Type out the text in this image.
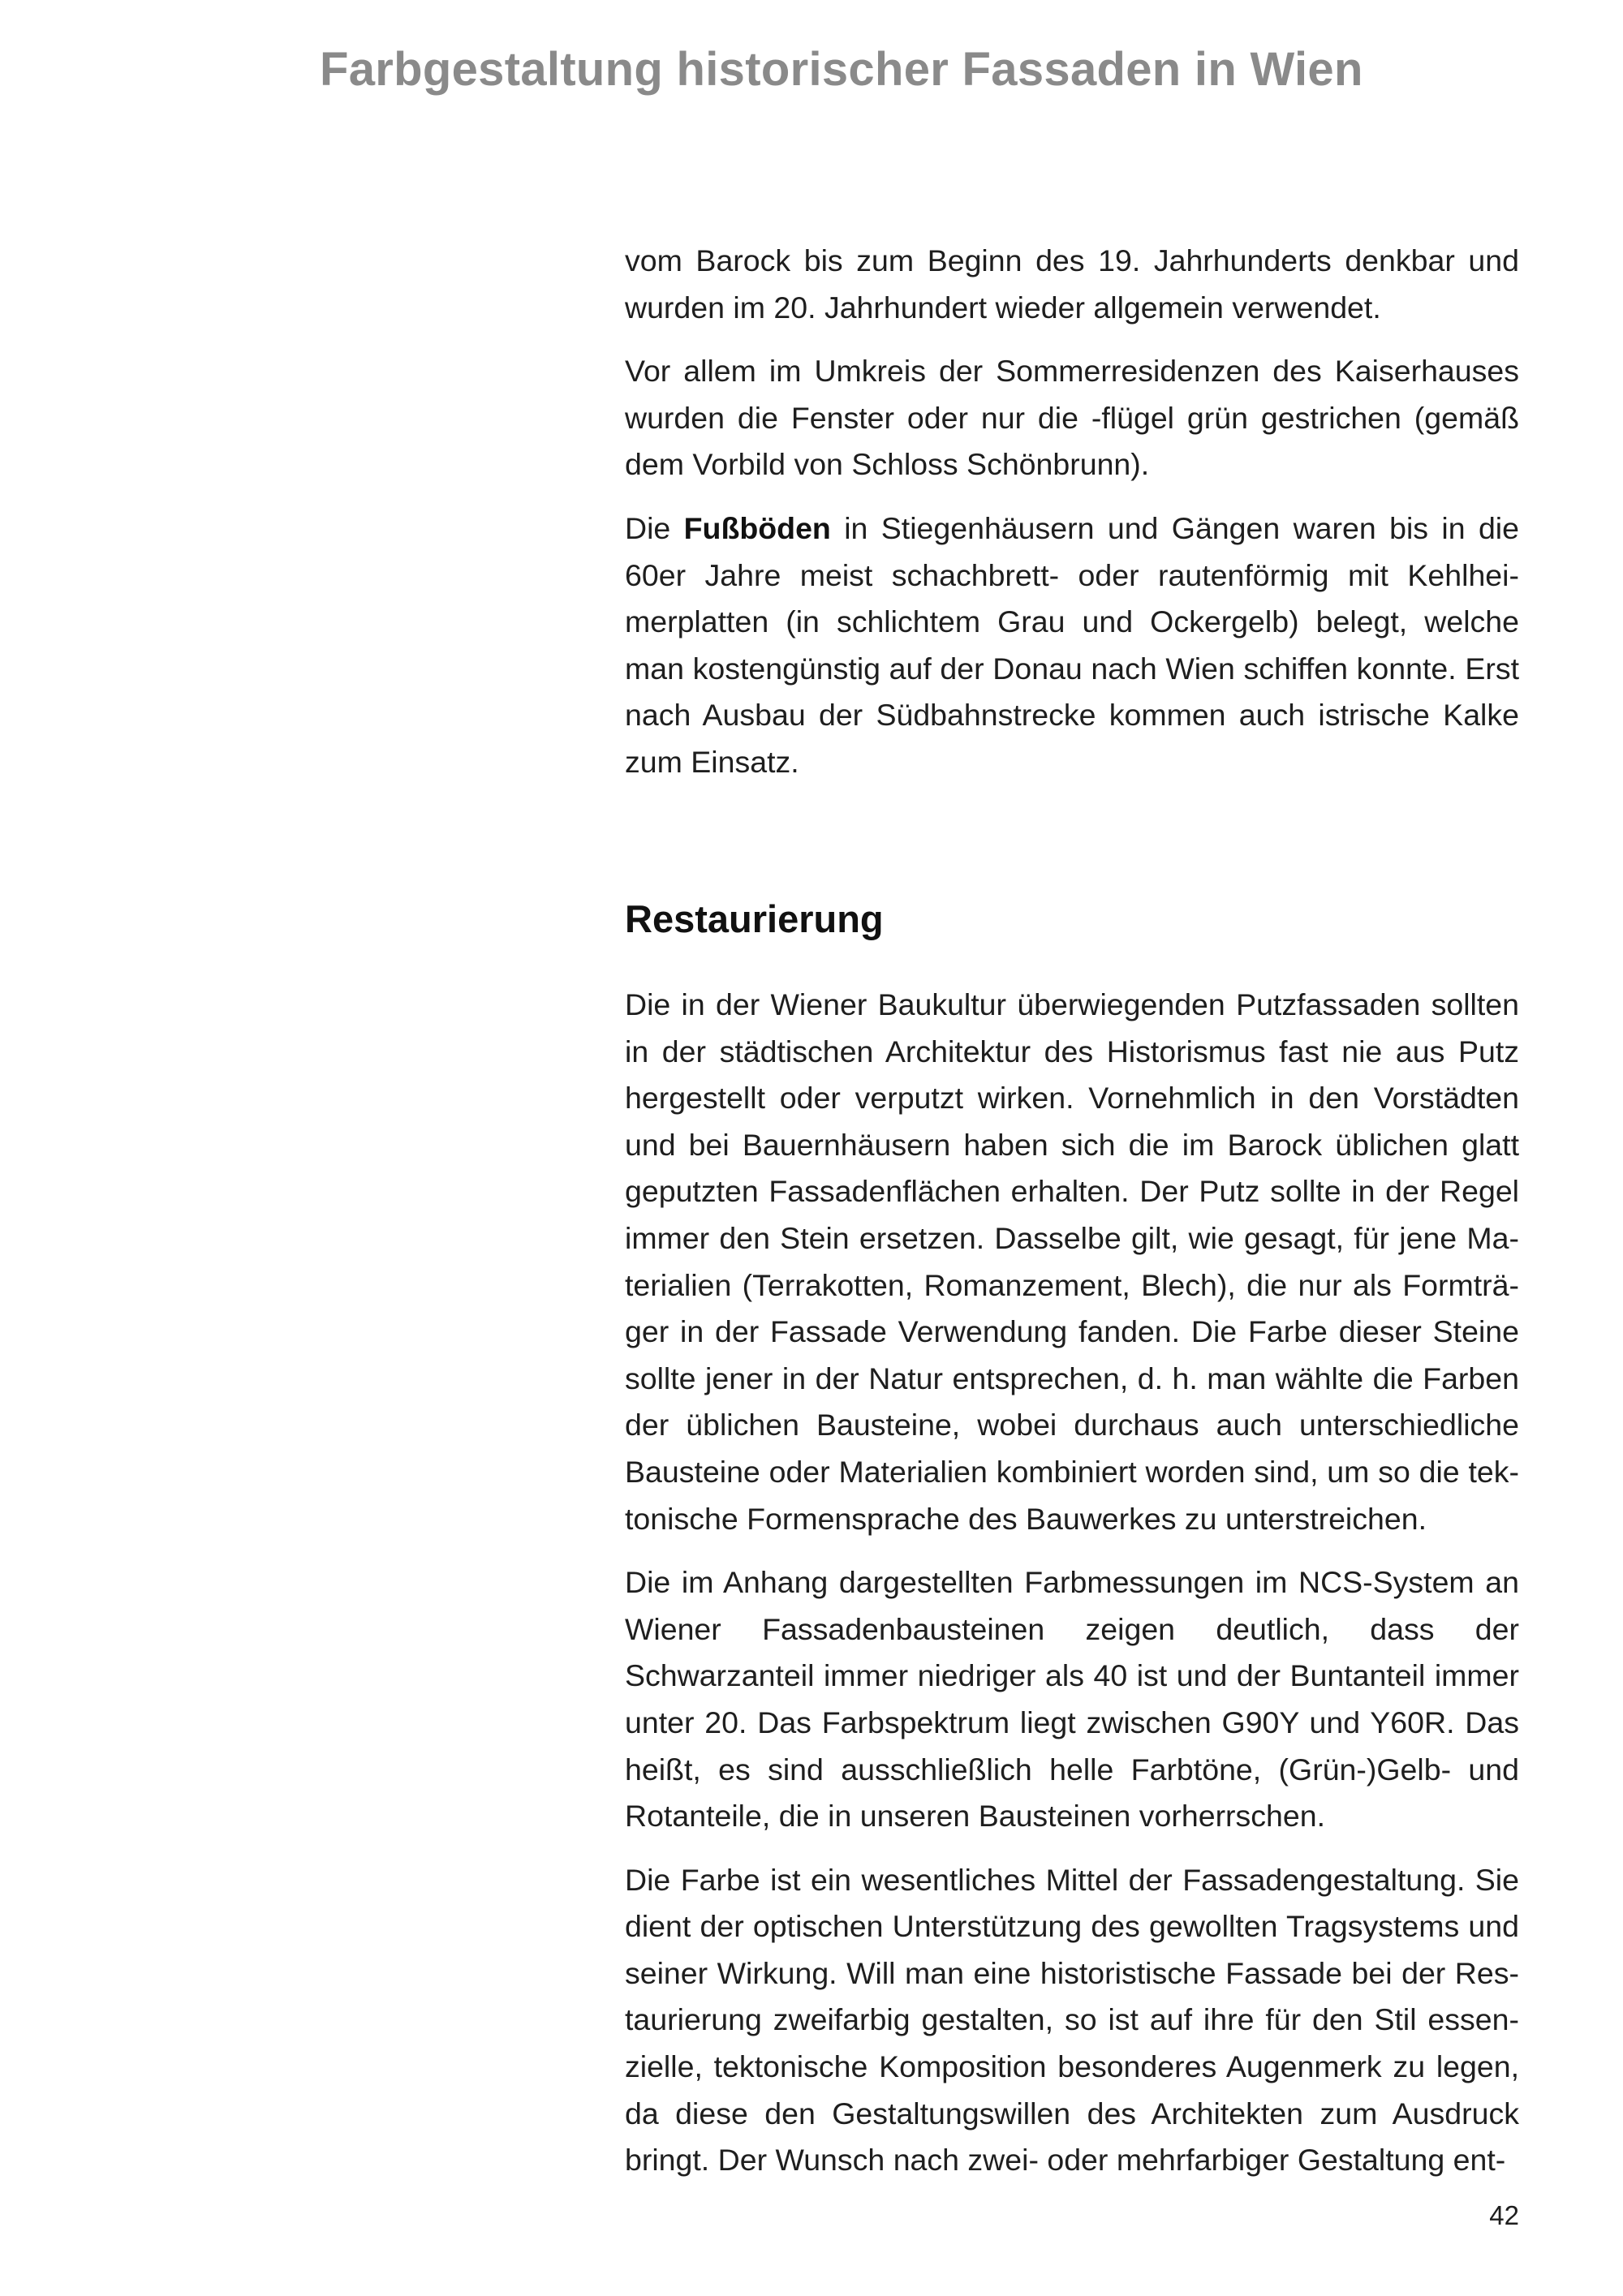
Farbgestaltung historischer Fassaden in Wien

vom Barock bis zum Beginn des 19. Jahrhunderts denkbar und wurden im 20. Jahrhundert wieder allgemein verwendet.

Vor allem im Umkreis der Sommerresidenzen des Kaiserhauses wurden die Fenster oder nur die -flügel grün gestrichen (gemäß dem Vorbild von Schloss Schönbrunn).

Die Fußböden in Stiegenhäusern und Gängen waren bis in die 60er Jahre meist schachbrett- oder rautenförmig mit Kehlheimerplatten (in schlichtem Grau und Ockergelb) belegt, welche man kostengünstig auf der Donau nach Wien schiffen konnte. Erst nach Ausbau der Südbahnstrecke kommen auch istrische Kalke zum Einsatz.

Restaurierung

Die in der Wiener Baukultur überwiegenden Putzfassaden sollten in der städtischen Architektur des Historismus fast nie aus Putz hergestellt oder verputzt wirken. Vornehmlich in den Vorstädten und bei Bauernhäusern haben sich die im Barock üblichen glatt geputzten Fassadenflächen erhalten. Der Putz sollte in der Regel immer den Stein ersetzen. Dasselbe gilt, wie gesagt, für jene Materialien (Terrakotten, Romanzement, Blech), die nur als Formträger in der Fassade Verwendung fanden. Die Farbe dieser Steine sollte jener in der Natur entsprechen, d. h. man wählte die Farben der üblichen Bausteine, wobei durchaus auch unterschiedliche Bausteine oder Materialien kombiniert worden sind, um so die tektonische Formensprache des Bauwerkes zu unterstreichen.

Die im Anhang dargestellten Farbmessungen im NCS-System an Wiener Fassadenbausteinen zeigen deutlich, dass der Schwarzanteil immer niedriger als 40 ist und der Buntanteil immer unter 20. Das Farbspektrum liegt zwischen G90Y und Y60R. Das heißt, es sind ausschließlich helle Farbtöne, (Grün-)Gelb- und Rotanteile, die in unseren Bausteinen vorherrschen.

Die Farbe ist ein wesentliches Mittel der Fassadengestaltung. Sie dient der optischen Unterstützung des gewollten Tragsystems und seiner Wirkung. Will man eine historistische Fassade bei der Restaurierung zweifarbig gestalten, so ist auf ihre für den Stil essenzielle, tektonische Komposition besonderes Augenmerk zu legen, da diese den Gestaltungswillen des Architekten zum Ausdruck bringt. Der Wunsch nach zwei- oder mehrfarbiger Gestaltung ent-

42
